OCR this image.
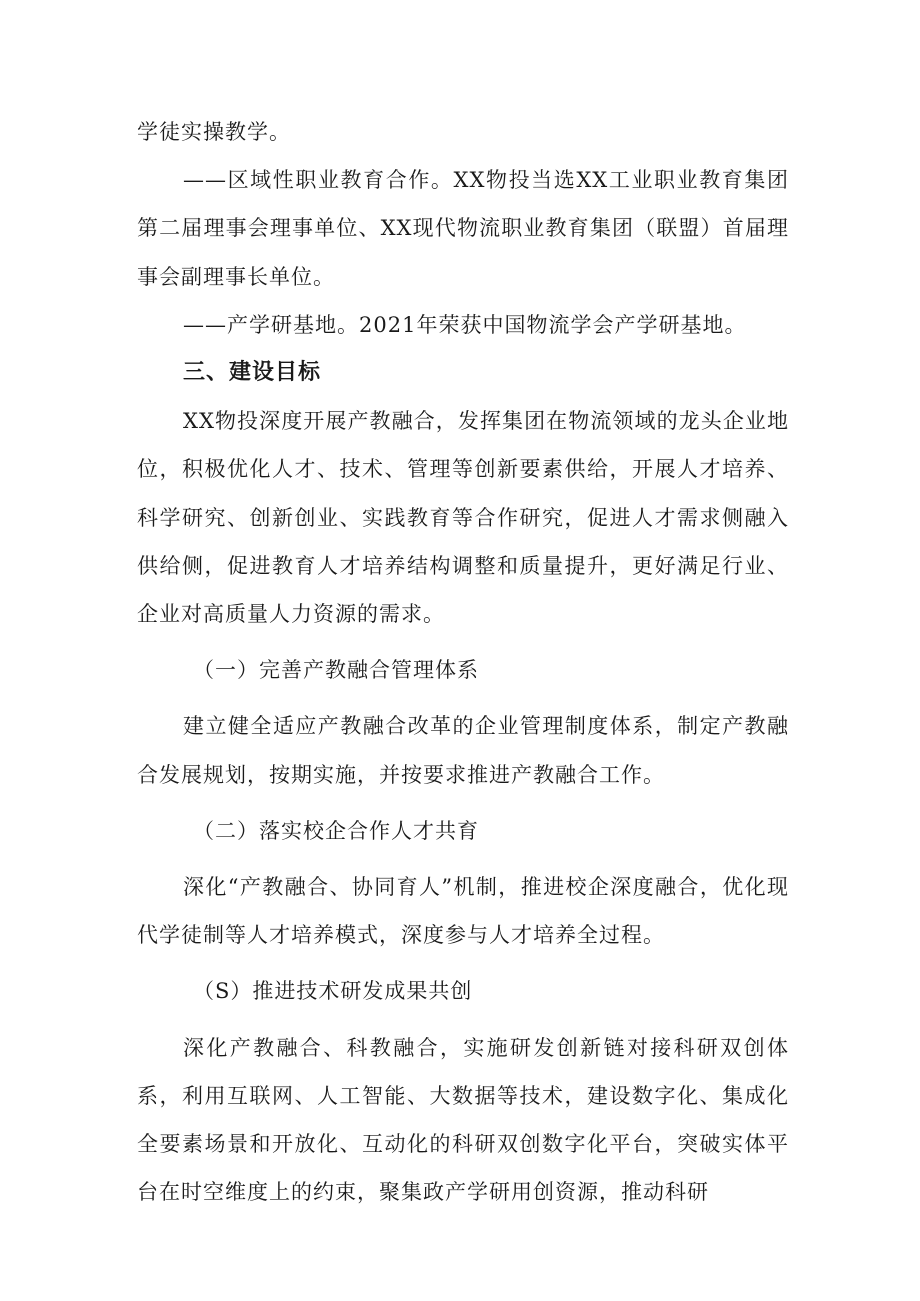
学徒实操教学。

——区域性职业教育合作。XX物投当选XX工业职业教育集团第二届理事会理事单位、XX现代物流职业教育集团（联盟）首届理事会副理事长单位。

——产学研基地。2021年荣获中国物流学会产学研基地。

三、建设目标

XX物投深度开展产教融合，发挥集团在物流领域的龙头企业地位，积极优化人才、技术、管理等创新要素供给，开展人才培养、科学研究、创新创业、实践教育等合作研究，促进人才需求侧融入供给侧，促进教育人才培养结构调整和质量提升，更好满足行业、企业对高质量人力资源的需求。

（一）完善产教融合管理体系

建立健全适应产教融合改革的企业管理制度体系，制定产教融合发展规划，按期实施，并按要求推进产教融合工作。

（二）落实校企合作人才共育

深化“产教融合、协同育人”机制，推进校企深度融合，优化现代学徒制等人才培养模式，深度参与人才培养全过程。

（S）推进技术研发成果共创

深化产教融合、科教融合，实施研发创新链对接科研双创体系，利用互联网、人工智能、大数据等技术，建设数字化、集成化全要素场景和开放化、互动化的科研双创数字化平台，突破实体平台在时空维度上的约束，聚集政产学研用创资源，推动科研
